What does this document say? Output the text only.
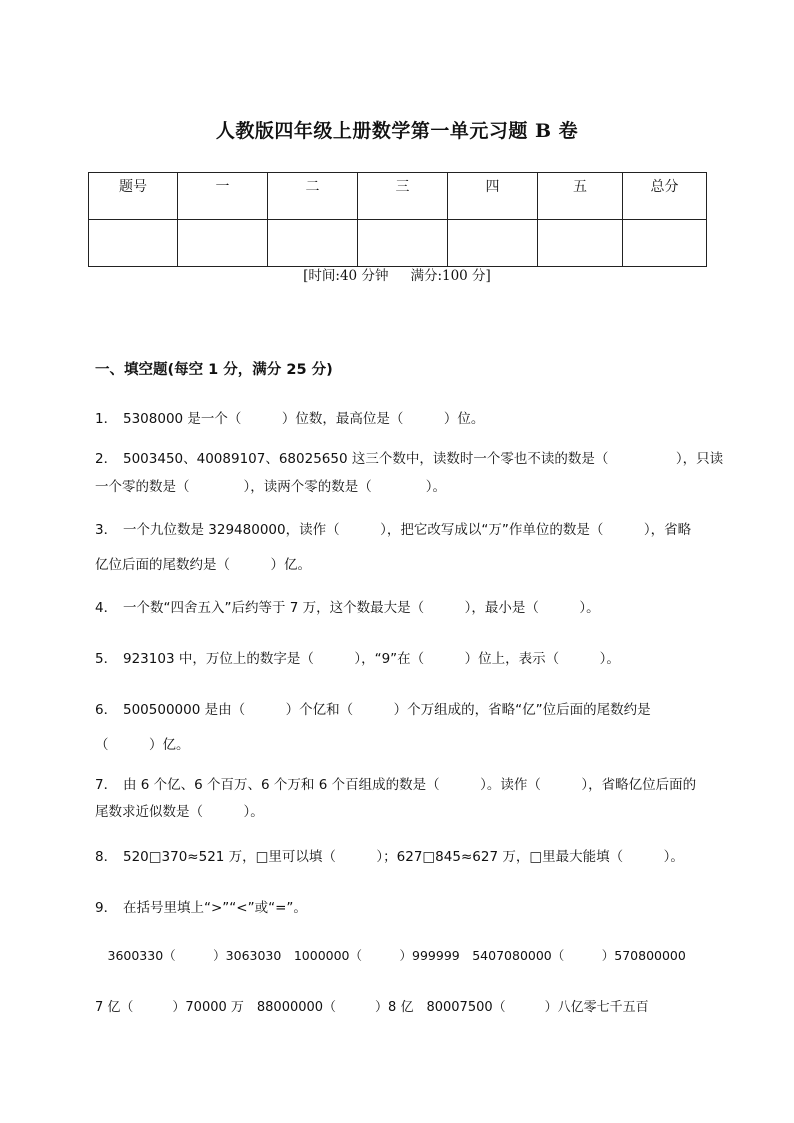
人教版四年级上册数学第一单元习题 B 卷
题号	一	二	三	四	五	总分

[时间:40 分钟 满分:100 分]
一、填空题(每空 1 分，满分 25 分)
1． 5308000 是一个（　　　）位数，最高位是（　　　）位。
2． 5003450、40089107、68025650 这三个数中，读数时一个零也不读的数是（　　　　　），只读
一个零的数是（　　　　），读两个零的数是（　　　　）。
3． 一个九位数是 329480000，读作（　　　），把它改写成以“万”作单位的数是（　　　），省略
亿位后面的尾数约是（　　　）亿。
4． 一个数“四舍五入”后约等于 7 万，这个数最大是（　　　），最小是（　　　）。
5． 923103 中，万位上的数字是（　　　），“9”在（　　　）位上，表示（　　　）。
6． 500500000 是由（　　　）个亿和（　　　）个万组成的，省略“亿”位后面的尾数约是
（　　　）亿。
7． 由 6 个亿、6 个百万、6 个万和 6 个百组成的数是（　　　）。读作（　　　），省略亿位后面的
尾数求近似数是（　　　）。
8． 520□370≈521 万，□里可以填（　　　）；627□845≈627 万，□里最大能填（　　　）。
9． 在括号里填上“>”“<”或“=”。
　3600330（　　　）3063030　1000000（　　　）999999　5407080000（　　　）570800000
7 亿（　　　）70000 万　88000000（　　　）8 亿　80007500（　　　）八亿零七千五百
